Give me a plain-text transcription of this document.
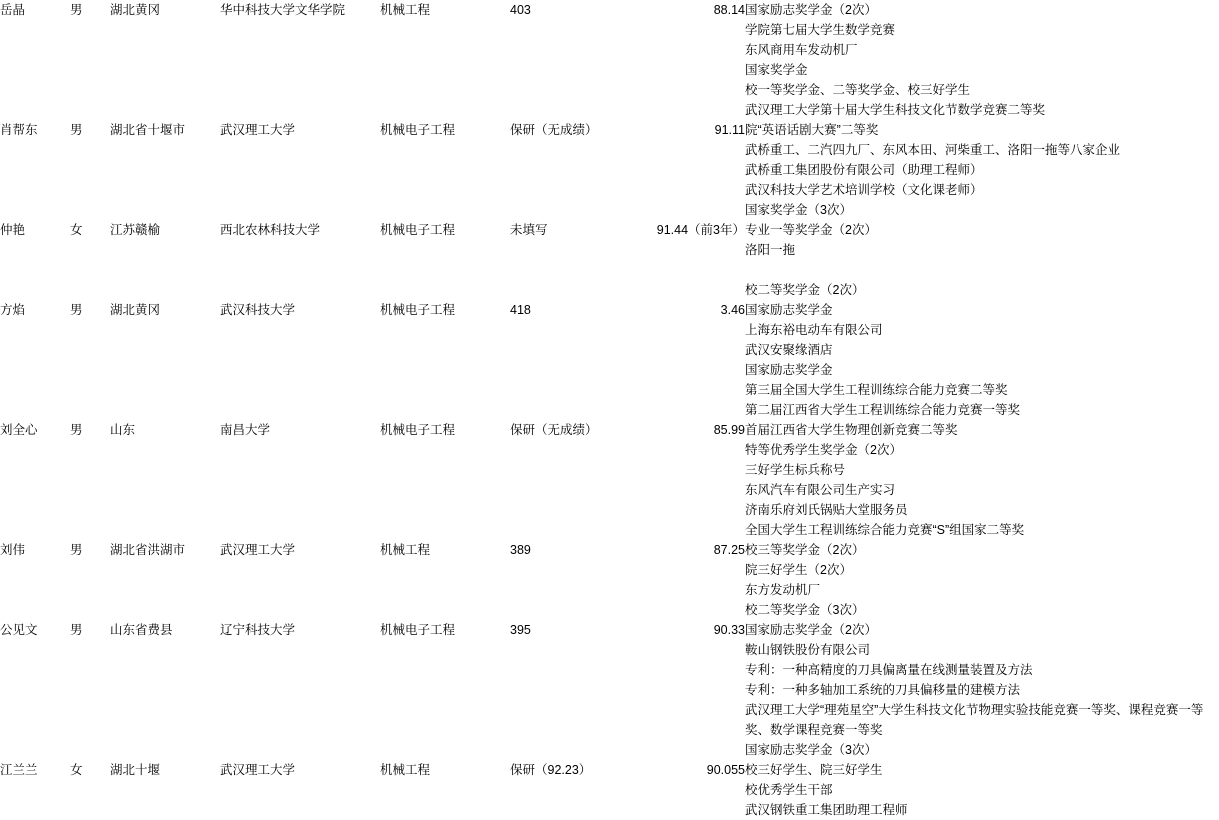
岳晶	男	湖北黄冈	华中科技大学文华学院	机械工程	403	88.14	国家励志奖学金（2次）
学院第七届大学生数学竞赛
东风商用车发动机厂
国家奖学金
校一等奖学金、二等奖学金、校三好学生
武汉理工大学第十届大学生科技文化节数学竞赛二等奖

肖帮东	男	湖北省十堰市	武汉理工大学	机械电子工程	保研（无成绩）	91.11	院“英语话剧大赛”二等奖
武桥重工、二汽四九厂、东风本田、河柴重工、洛阳一拖等八家企业
武桥重工集团股份有限公司（助理工程师）
武汉科技大学艺术培训学校（文化课老师）
国家奖学金（3次）

仲艳	女	江苏赣榆	西北农林科技大学	机械电子工程	未填写	91.44（前3年）	专业一等奖学金（2次）
洛阳一拖

校二等奖学金（2次）

方焰	男	湖北黄冈	武汉科技大学	机械电子工程	418	3.46	国家励志奖学金
上海东裕电动车有限公司
武汉安聚缘酒店
国家励志奖学金
第三届全国大学生工程训练综合能力竞赛二等奖
第二届江西省大学生工程训练综合能力竞赛一等奖

刘全心	男	山东	南昌大学	机械电子工程	保研（无成绩）	85.99	首届江西省大学生物理创新竞赛二等奖
特等优秀学生奖学金（2次）
三好学生标兵称号
东风汽车有限公司生产实习
济南乐府刘氏锅贴大堂服务员
全国大学生工程训练综合能力竞赛“S”组国家二等奖

刘伟	男	湖北省洪湖市	武汉理工大学	机械工程	389	87.25	校三等奖学金（2次）
院三好学生（2次）
东方发动机厂
校二等奖学金（3次）

公见文	男	山东省费县	辽宁科技大学	机械电子工程	395	90.33	国家励志奖学金（2次）
鞍山钢铁股份有限公司
专利：一种高精度的刀具偏离量在线测量装置及方法
专利：一种多轴加工系统的刀具偏移量的建模方法
武汉理工大学“理苑星空”大学生科技文化节物理实验技能竞赛一等奖、课程竞赛一等
奖、数学课程竞赛一等奖
国家励志奖学金（3次）

江兰兰	女	湖北十堰	武汉理工大学	机械工程	保研（92.23）	90.055	校三好学生、院三好学生
校优秀学生干部
武汉钢铁重工集团助理工程师
